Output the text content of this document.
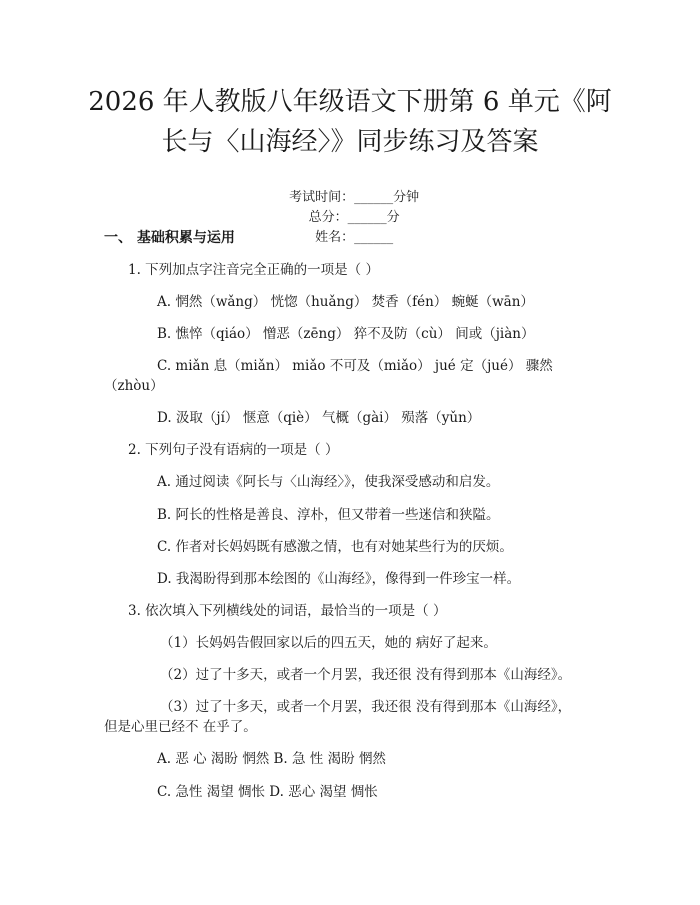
2026 年人教版八年级语文下册第 6 单元《阿
长与〈山海经〉》同步练习及答案

考试时间：______分钟
总分：______分
姓名：______

一、 基础积累与运用
1. 下列加点字注音完全正确的一项是（ ）
A. 惘然（wǎng） 恍惚（huǎng） 焚香（fén） 蜿蜒（wān）
B. 憔悴（qiáo） 憎恶（zēng） 猝不及防（cù） 间或（jiàn）
C. miǎn 息（miǎn） miǎo 不可及（miǎo） jué 定（jué） 骤然
（zhòu）
D. 汲取（jí） 惬意（qiè） 气概（gài） 殒落（yǔn）
2. 下列句子没有语病的一项是（ ）
A. 通过阅读《阿长与〈山海经〉》，使我深受感动和启发。
B. 阿长的性格是善良、淳朴，但又带着一些迷信和狭隘。
C. 作者对长妈妈既有感激之情，也有对她某些行为的厌烦。
D. 我渴盼得到那本绘图的《山海经》，像得到一件珍宝一样。
3. 依次填入下列横线处的词语，最恰当的一项是（ ）
（1）长妈妈告假回家以后的四五天，她的 病好了起来。
（2）过了十多天，或者一个月罢，我还很 没有得到那本《山海经》。
（3）过了十多天，或者一个月罢，我还很 没有得到那本《山海经》，
但是心里已经不 在乎了。
A. 恶 心 渴盼 惘然 B. 急 性 渴盼 惘然
C. 急性 渴望 惆怅 D. 恶心 渴望 惆怅
